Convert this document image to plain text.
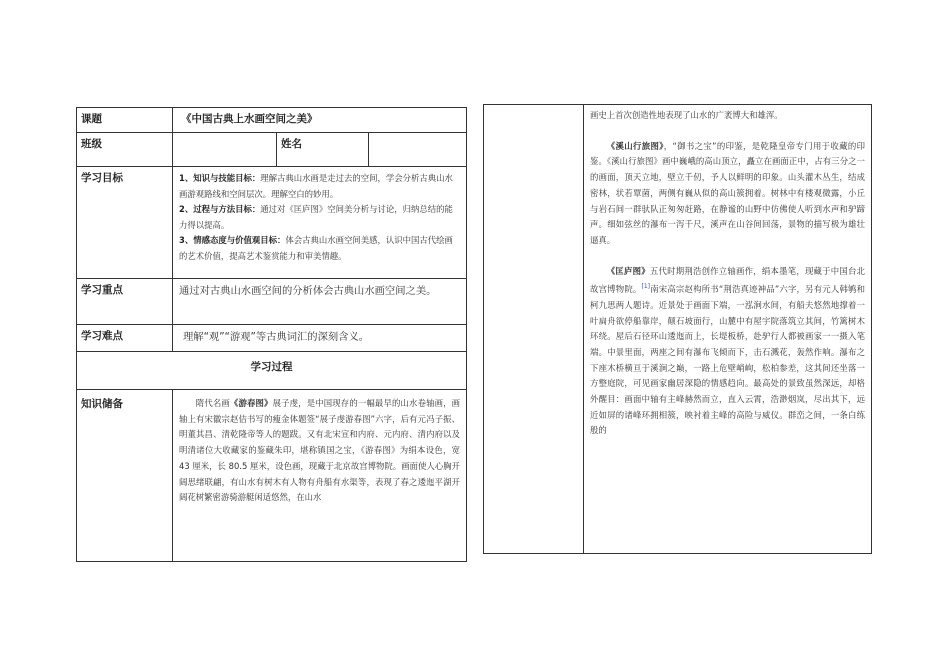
课题	《中国古典上水画空间之美》		
班级		姓名	
学习目标	1、知识与技能目标：理解古典山水画是走过去的空间，学会分析古典山水画游观路线和空间层次。理解空白的妙用。
2、过程与方法目标：通过对《匡庐图》空间美分析与讨论，归纳总结的能力得以提高。
3、情感态度与价值观目标：体会古典山水画空间美感，认识中国古代绘画的艺术价值，提高艺术鉴赏能力和审美情趣。		

学习重点	通过对古典山水画空间的分析体会古典山水画空间之美。		
学习难点	理解“观”“游观”等古典词汇的深刻含义。		
学习过程			
知识储备	隋代名画《游春图》展子虔，是中国现存的一幅最早的山水卷轴画，画轴上有宋徽宗赵佶书写的瘦金体题签“展子虔游春图”六字，后有元冯子振、明董其昌、清乾隆帝等人的题跋。又有北宋宣和内府、元内府、清内府以及明清诸位大收藏家的鉴藏朱印，堪称镇国之宝，《游春图》为绢本设色，宽 43 厘米，长 80.5 厘米，设色画，现藏于北京故宫博物院。画面使人心胸开阔思绪联翩，有山水有树木有人物有舟船有水渠等，表现了春之逶迤平湖开阔花树繁密游骑游艇闲适悠然，在山水		

画史上首次创造性地表现了山水的广袤博大和雄浑。

《溪山行旅图》，“御书之宝”的印鉴，是乾隆皇帝专门用于收藏的印鉴。《溪山行旅图》画中巍峨的高山顶立，矗立在画面正中，占有三分之一的画面，顶天立地，壁立千仞，予人以鲜明的印象。山头灌木丛生，结成密林，状若覃菌，两侧有巍从似的高山簇拥着。树林中有楼观微露，小丘与岩石间一群驮队正匆匆赶路，在静谧的山野中仿佛使人听到水声和驴蹄声。细如弦丝的瀑布一泻千尺，溪声在山谷间回荡，景物的描写极为雄壮逼真。

《匡庐图》五代时期荆浩创作立轴画作，绢本墨笔，现藏于中国台北故宫博物院。[1]南宋高宗赵构所书“荆浩真迹神品”六字，另有元人韩鸲和柯九思两人题诗。近景处于画面下端，一泓涧水间，有船夫悠然地撑着一叶扁舟欲停船靠岸，颠石坡面行，山麓中有屋宇院落筑立其间，竹篱树木环绕。屋后石径环山逶迤而上，长堤板桥，赴驴行人都被画家一一摄入笔端。中景里面，两座之间有瀑布飞倾而下，击石溅花，轰然作响。瀑布之下座木桥横亘于溪涧之巅，一路上危壁峭峋，松柏参差，这其间还坐落一方整庭院，可见画家幽居深隐的情感趋向。最高处的景致虽然深远，却格外醒目：画面中轴有主峰赫然而立，直入云霄，浩渺烟岚，尽出其下，远近如屏的诸峰环拥相簇，映衬着主峰的高险与威仪。群峦之间，一条白练般的
